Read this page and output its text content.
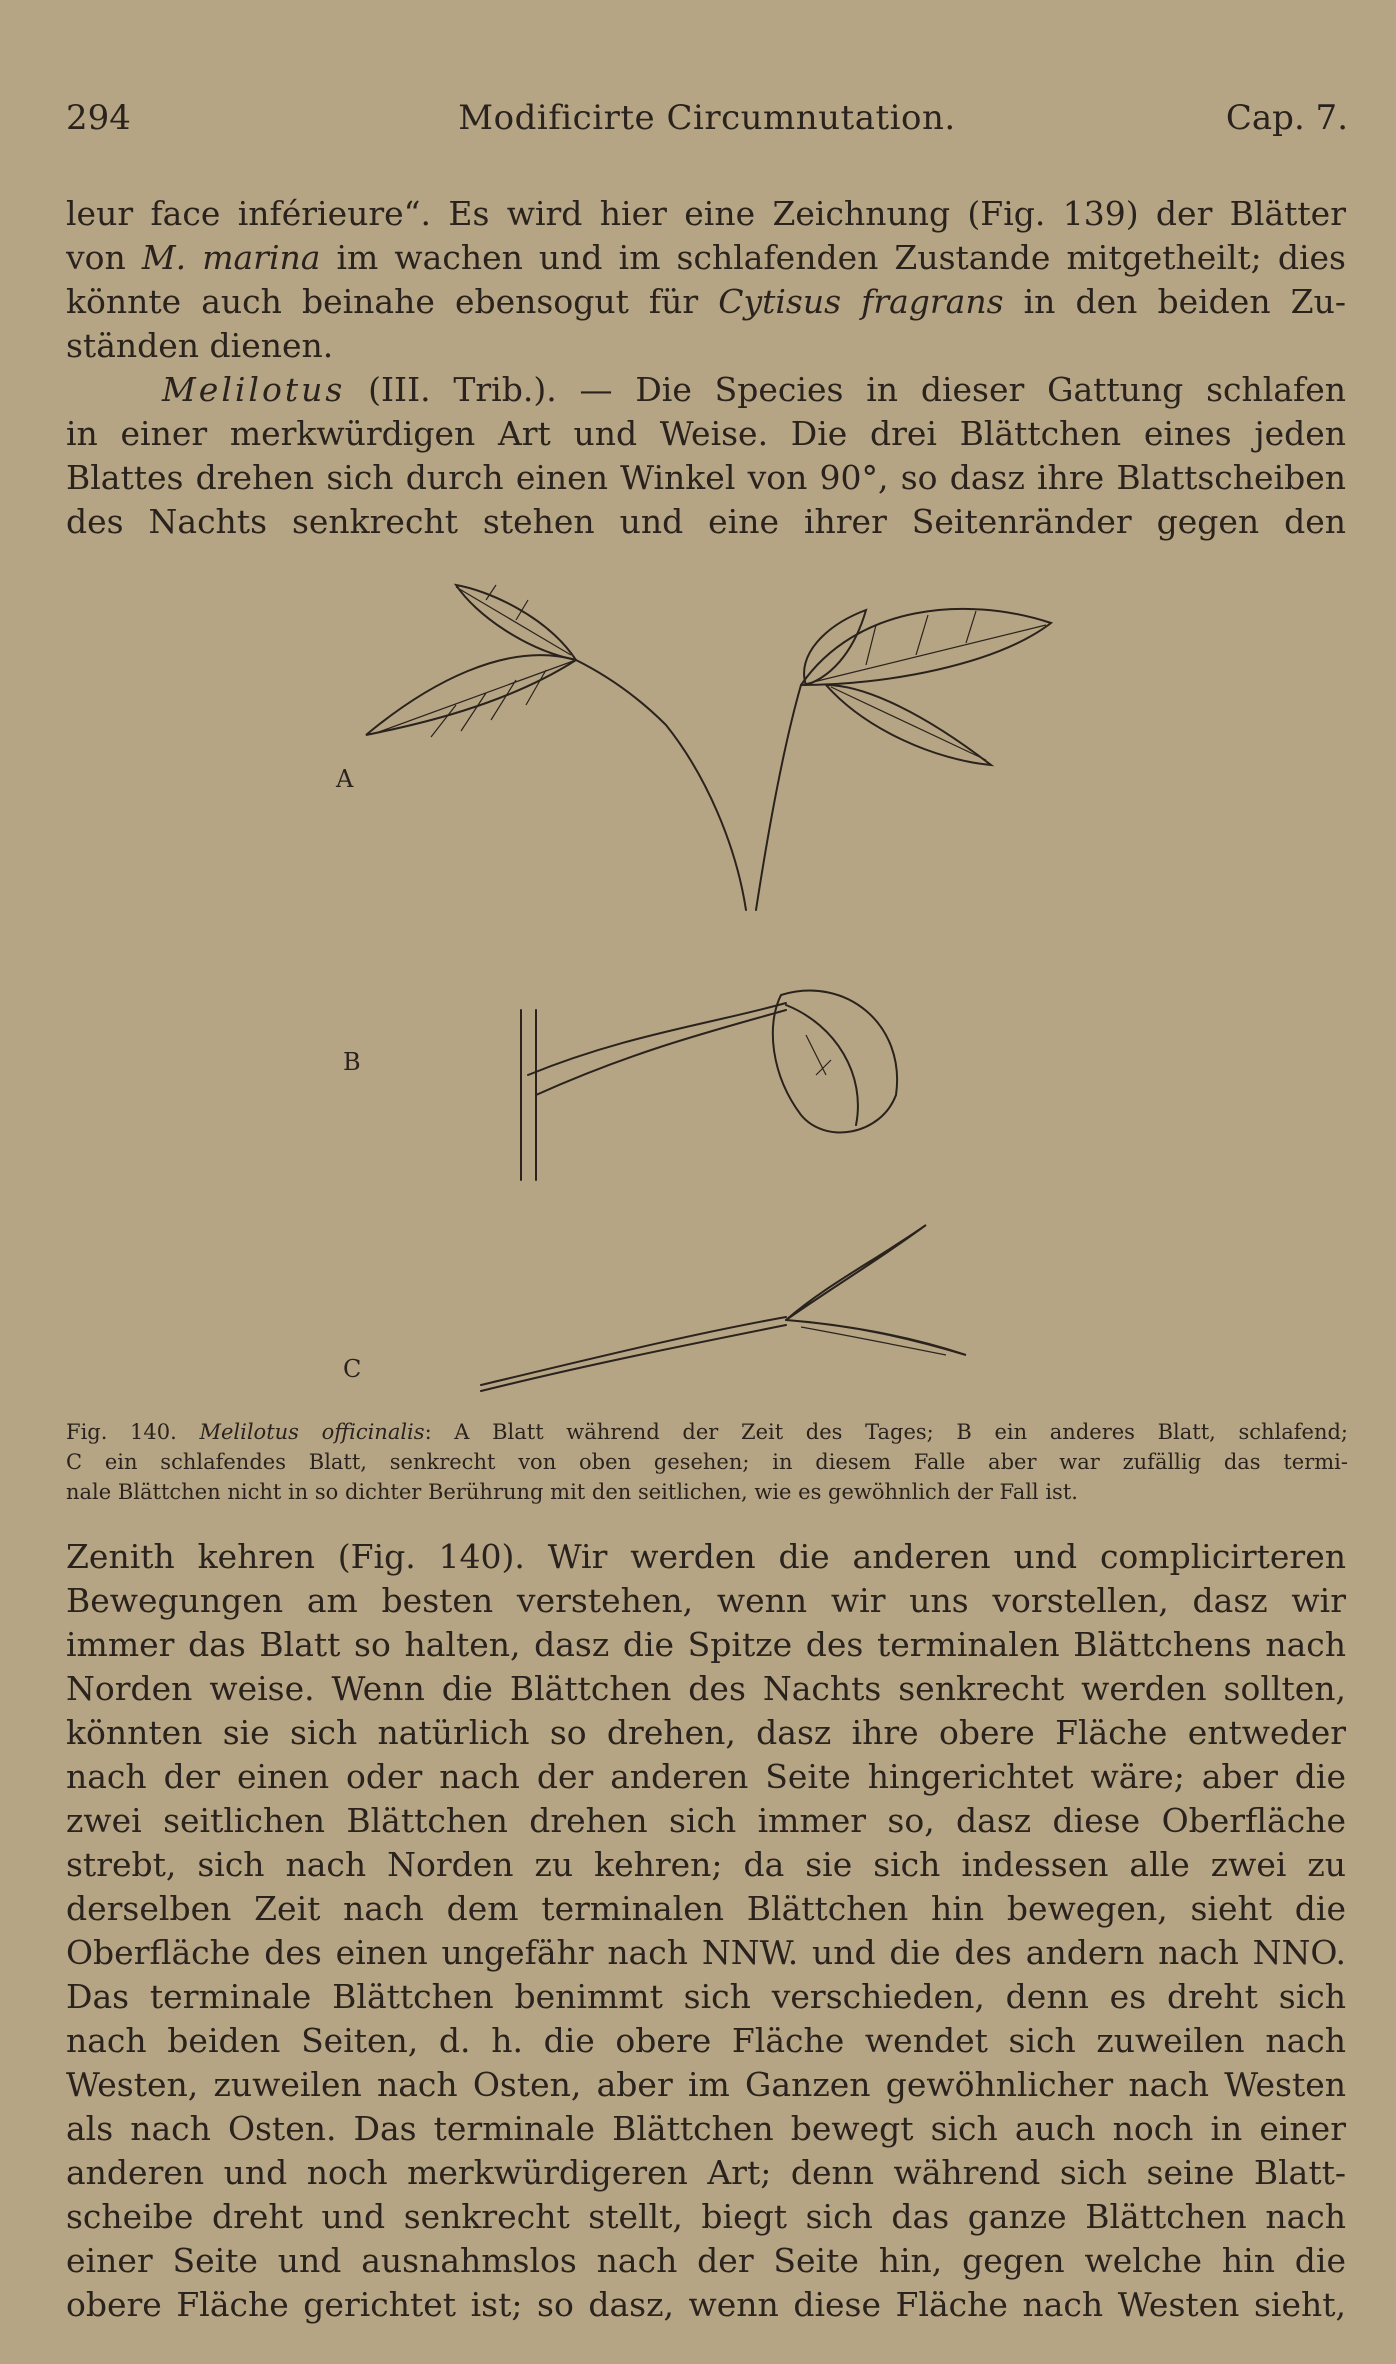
294	Modificirte Circumnutation.	Cap. 7.
leur face inférieure“. Es wird hier eine Zeichnung (Fig. 139) der Blätter
von M. marina im wachen und im schlafenden Zustande mitgetheilt; dies
könnte auch beinahe ebensogut für Cytisus fragrans in den beiden Zu-
ständen dienen.
Melilotus (III. Trib.). — Die Species in dieser Gattung schlafen
in einer merkwürdigen Art und Weise. Die drei Blättchen eines jeden
Blattes drehen sich durch einen Winkel von 90°, so dasz ihre Blattscheiben
des Nachts senkrecht stehen und eine ihrer Seitenränder gegen den
A
B
C
Fig. 140. Melilotus officinalis: A Blatt während der Zeit des Tages; B ein anderes Blatt, schlafend;
C ein schlafendes Blatt, senkrecht von oben gesehen; in diesem Falle aber war zufällig das termi-
nale Blättchen nicht in so dichter Berührung mit den seitlichen, wie es gewöhnlich der Fall ist.
Zenith kehren (Fig. 140). Wir werden die anderen und complicirteren
Bewegungen am besten verstehen, wenn wir uns vorstellen, dasz wir
immer das Blatt so halten, dasz die Spitze des terminalen Blättchens nach
Norden weise. Wenn die Blättchen des Nachts senkrecht werden sollten,
könnten sie sich natürlich so drehen, dasz ihre obere Fläche entweder
nach der einen oder nach der anderen Seite hingerichtet wäre; aber die
zwei seitlichen Blättchen drehen sich immer so, dasz diese Oberfläche
strebt, sich nach Norden zu kehren; da sie sich indessen alle zwei zu
derselben Zeit nach dem terminalen Blättchen hin bewegen, sieht die
Oberfläche des einen ungefähr nach NNW. und die des andern nach NNO.
Das terminale Blättchen benimmt sich verschieden, denn es dreht sich
nach beiden Seiten, d. h. die obere Fläche wendet sich zuweilen nach
Westen, zuweilen nach Osten, aber im Ganzen gewöhnlicher nach Westen
als nach Osten. Das terminale Blättchen bewegt sich auch noch in einer
anderen und noch merkwürdigeren Art; denn während sich seine Blatt-
scheibe dreht und senkrecht stellt, biegt sich das ganze Blättchen nach
einer Seite und ausnahmslos nach der Seite hin, gegen welche hin die
obere Fläche gerichtet ist; so dasz, wenn diese Fläche nach Westen sieht,
